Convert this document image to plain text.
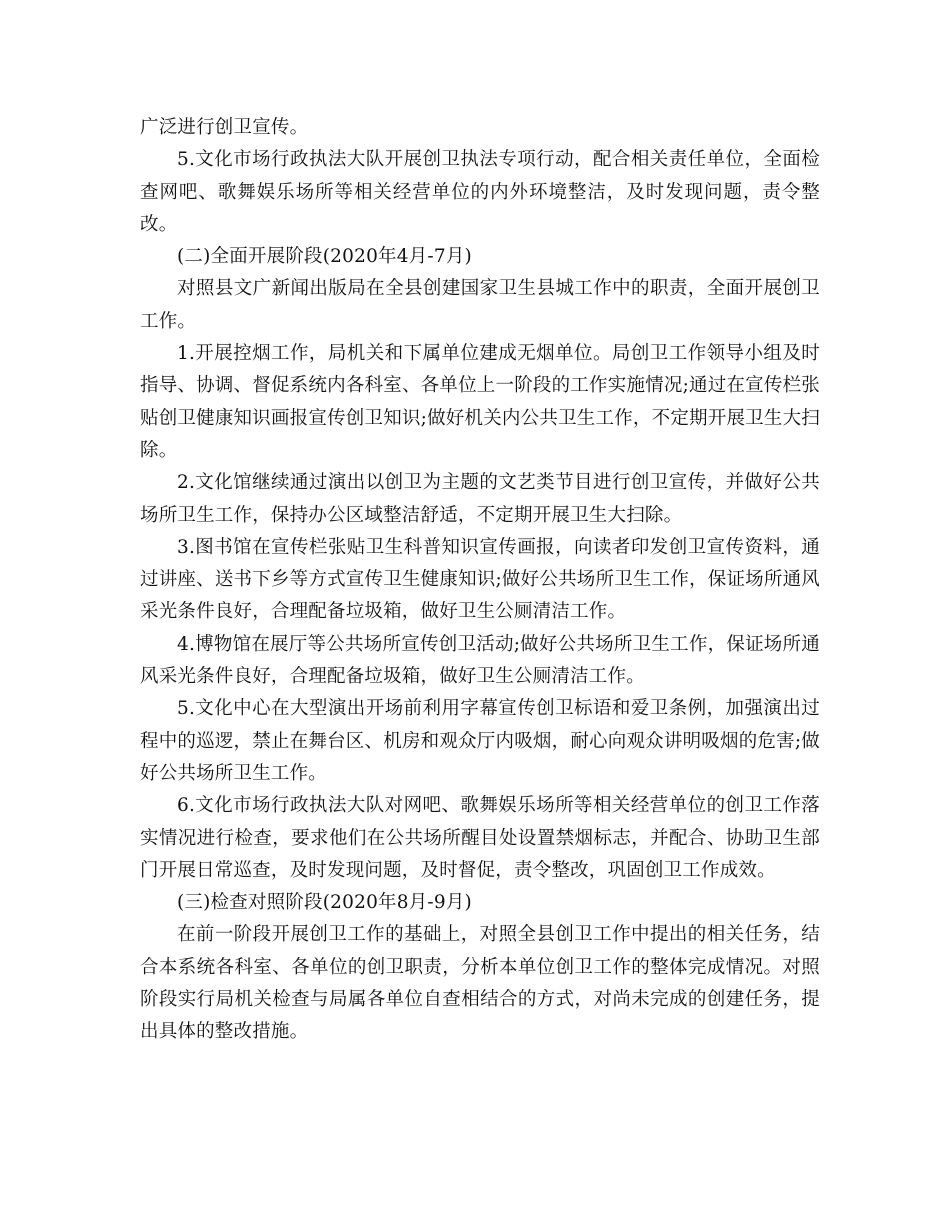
广泛进行创卫宣传。

5.文化市场行政执法大队开展创卫执法专项行动，配合相关责任单位，全面检查网吧、歌舞娱乐场所等相关经营单位的内外环境整洁，及时发现问题，责令整改。

(二)全面开展阶段(2020年4月-7月)

对照县文广新闻出版局在全县创建国家卫生县城工作中的职责，全面开展创卫工作。

1.开展控烟工作，局机关和下属单位建成无烟单位。局创卫工作领导小组及时指导、协调、督促系统内各科室、各单位上一阶段的工作实施情况;通过在宣传栏张贴创卫健康知识画报宣传创卫知识;做好机关内公共卫生工作，不定期开展卫生大扫除。

2.文化馆继续通过演出以创卫为主题的文艺类节目进行创卫宣传，并做好公共场所卫生工作，保持办公区域整洁舒适，不定期开展卫生大扫除。

3.图书馆在宣传栏张贴卫生科普知识宣传画报，向读者印发创卫宣传资料，通过讲座、送书下乡等方式宣传卫生健康知识;做好公共场所卫生工作，保证场所通风采光条件良好，合理配备垃圾箱，做好卫生公厕清洁工作。

4.博物馆在展厅等公共场所宣传创卫活动;做好公共场所卫生工作，保证场所通风采光条件良好，合理配备垃圾箱，做好卫生公厕清洁工作。

5.文化中心在大型演出开场前利用字幕宣传创卫标语和爱卫条例，加强演出过程中的巡逻，禁止在舞台区、机房和观众厅内吸烟，耐心向观众讲明吸烟的危害;做好公共场所卫生工作。

6.文化市场行政执法大队对网吧、歌舞娱乐场所等相关经营单位的创卫工作落实情况进行检查，要求他们在公共场所醒目处设置禁烟标志，并配合、协助卫生部门开展日常巡查，及时发现问题，及时督促，责令整改，巩固创卫工作成效。

(三)检查对照阶段(2020年8月-9月)

在前一阶段开展创卫工作的基础上，对照全县创卫工作中提出的相关任务，结合本系统各科室、各单位的创卫职责，分析本单位创卫工作的整体完成情况。对照阶段实行局机关检查与局属各单位自查相结合的方式，对尚未完成的创建任务，提出具体的整改措施。
